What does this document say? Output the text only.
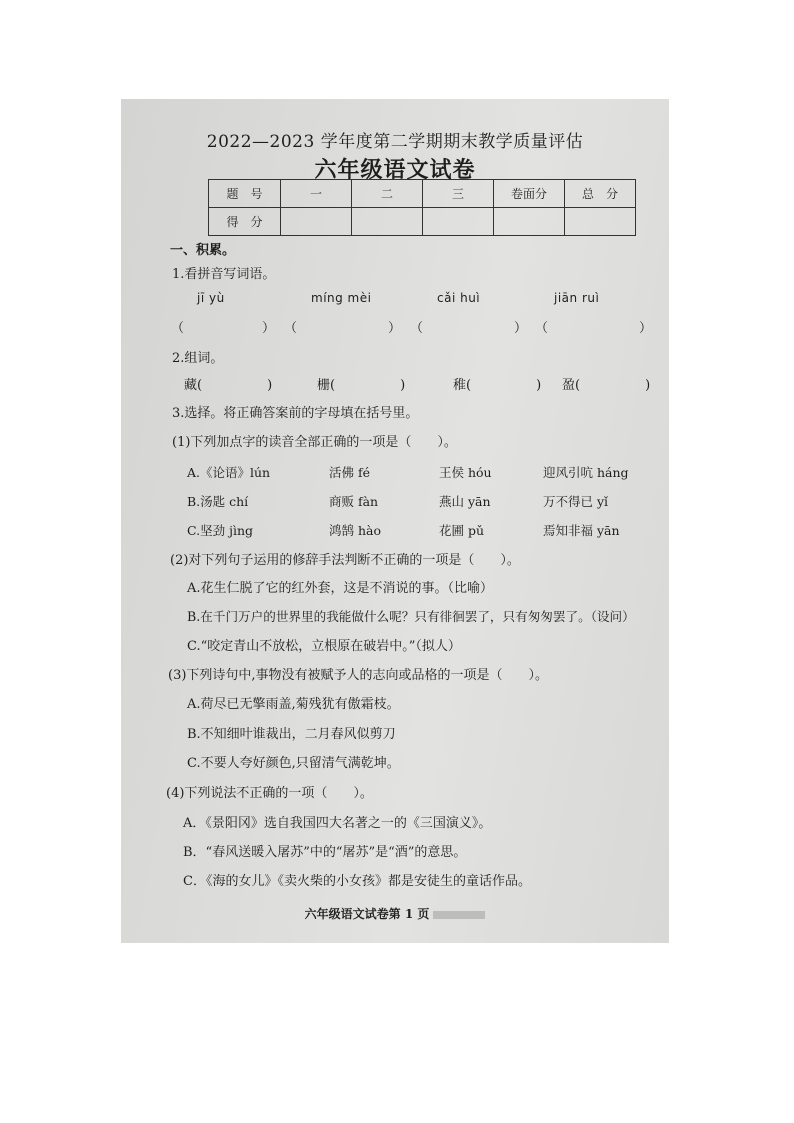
2022—2023 学年度第二学期期末教学质量评估
六年级语文试卷
题　号	一	二	三	卷面分	总　分
得　分					
一、积累。
1.看拼音写词语。
jī yù	míng mèi	cǎi huì	jiān ruì
（　　　　　　） （　　　　　　　） （　　　　　　　） （　　　　　　　）
2.组词。
藏(　　　　　)	栅(　　　　　)	稚(　　　　　) 盈(　　　　　)
3.选择。将正确答案前的字母填在括号里。
(1)下列加点字的读音全部正确的一项是（　　）。
A.《论语》lún	活佛 fé	王侯 hóu	迎风引吭 háng
B.汤匙 chí	商贩 fàn	燕山 yān	万不得已 yǐ
C.坚劲 jìng	鸿鹄 hào	花圃 pǔ	焉知非福 yān
(2)对下列句子运用的修辞手法判断不正确的一项是（　　）。
A.花生仁脱了它的红外套，这是不消说的事。（比喻）
B.在千门万户的世界里的我能做什么呢？只有徘徊罢了，只有匆匆罢了。（设问）
C.“咬定青山不放松，立根原在破岩中。”（拟人）
(3)下列诗句中,事物没有被赋予人的志向或品格的一项是（　　）。
A.荷尽已无擎雨盖,菊残犹有傲霜枝。
B.不知细叶谁裁出，二月春风似剪刀
C.不要人夸好颜色,只留清气满乾坤。
(4)下列说法不正确的一项（　　）。
A．《景阳冈》选自我国四大名著之一的《三国演义》。
B．“春风送暖入屠苏”中的“屠苏”是“酒”的意思。
C．《海的女儿》《卖火柴的小女孩》都是安徒生的童话作品。
六年级语文试卷第 1 页
